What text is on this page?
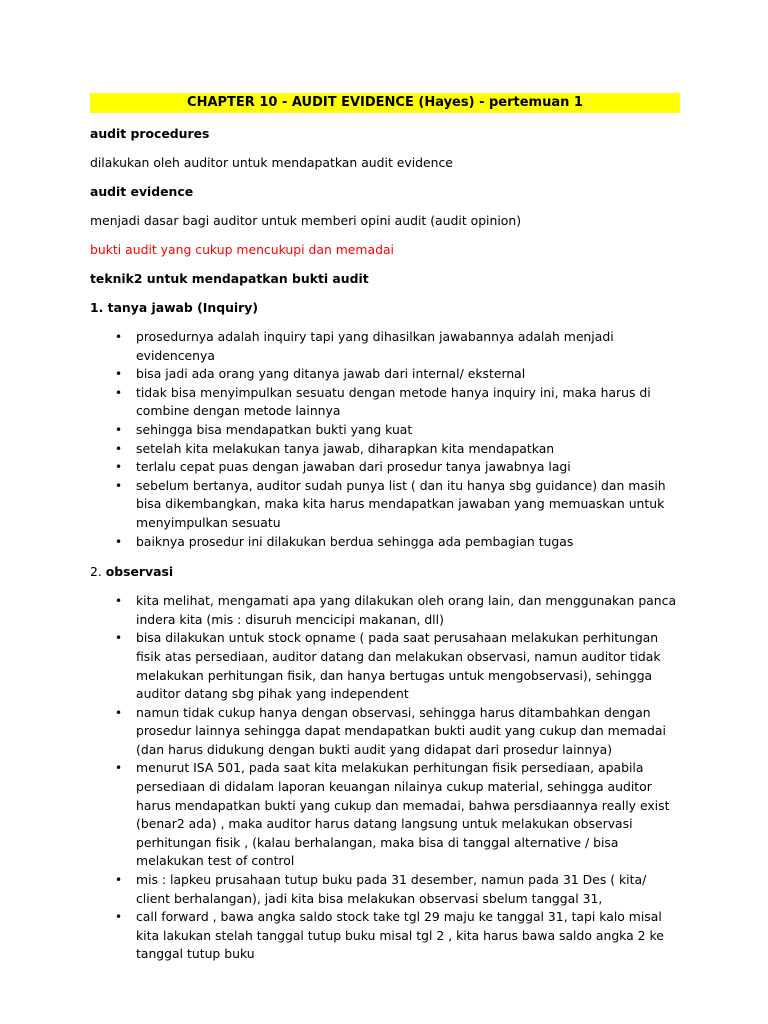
CHAPTER 10 - AUDIT EVIDENCE (Hayes) - pertemuan 1

audit procedures

dilakukan oleh auditor untuk mendapatkan audit evidence

audit evidence

menjadi dasar bagi auditor untuk memberi opini audit (audit opinion)

bukti audit yang cukup mencukupi dan memadai

teknik2 untuk mendapatkan bukti audit

1. tanya jawab (Inquiry)

• prosedurnya adalah inquiry tapi yang dihasilkan jawabannya adalah menjadi evidencenya
• bisa jadi ada orang yang ditanya jawab dari internal/ eksternal
• tidak bisa menyimpulkan sesuatu dengan metode hanya inquiry ini, maka harus di combine dengan metode lainnya
• sehingga bisa mendapatkan bukti yang kuat
• setelah kita melakukan tanya jawab, diharapkan kita mendapatkan
• terlalu cepat puas dengan jawaban dari prosedur tanya jawabnya lagi
• sebelum bertanya, auditor sudah punya list ( dan itu hanya sbg guidance) dan masih bisa dikembangkan, maka kita harus mendapatkan jawaban yang memuaskan untuk menyimpulkan sesuatu
• baiknya prosedur ini dilakukan berdua sehingga ada pembagian tugas

2. observasi

• kita melihat, mengamati apa yang dilakukan oleh orang lain, dan menggunakan panca indera kita (mis : disuruh mencicipi makanan, dll)
• bisa dilakukan untuk stock opname ( pada saat perusahaan melakukan perhitungan fisik atas persediaan, auditor datang dan melakukan observasi, namun auditor tidak melakukan perhitungan fisik, dan hanya bertugas untuk mengobservasi), sehingga auditor datang sbg pihak yang independent
• namun tidak cukup hanya dengan observasi, sehingga harus ditambahkan dengan prosedur lainnya sehingga dapat mendapatkan bukti audit yang cukup dan memadai (dan harus didukung dengan bukti audit yang didapat dari prosedur lainnya)
• menurut ISA 501, pada saat kita melakukan perhitungan fisik persediaan, apabila persediaan di didalam laporan keuangan nilainya cukup material, sehingga auditor harus mendapatkan bukti yang cukup dan memadai, bahwa persdiaannya really exist (benar2 ada) , maka auditor harus datang langsung untuk melakukan observasi perhitungan fisik , (kalau berhalangan, maka bisa di tanggal alternative / bisa melakukan test of control
• mis : lapkeu prusahaan tutup buku pada 31 desember, namun pada 31 Des ( kita/ client berhalangan), jadi kita bisa melakukan observasi sbelum tanggal 31,
• call forward , bawa angka saldo stock take tgl 29 maju ke tanggal 31, tapi kalo misal kita lakukan stelah tanggal tutup buku misal tgl 2 , kita harus bawa saldo angka 2 ke tanggal tutup buku
